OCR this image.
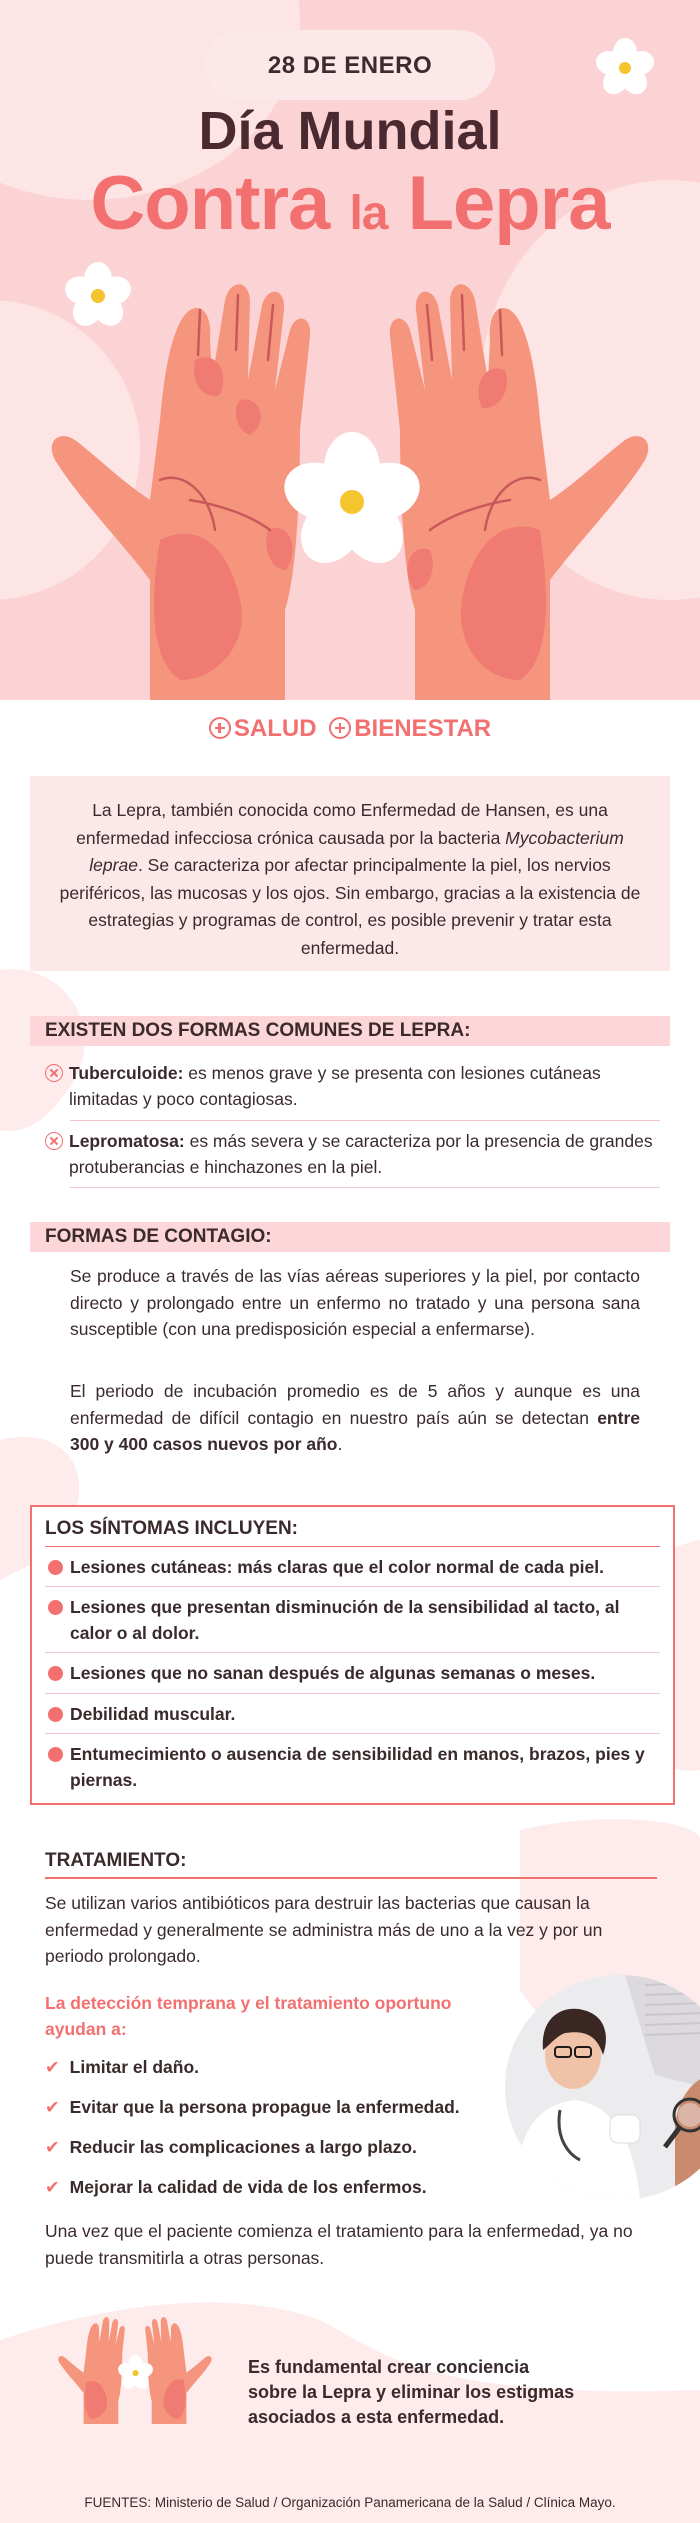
28 DE ENERO
Día Mundial
Contra la Lepra
SALUD BIENESTAR

La Lepra, también conocida como Enfermedad de Hansen, es una enfermedad infecciosa crónica causada por la bacteria Mycobacterium leprae. Se caracteriza por afectar principalmente la piel, los nervios periféricos, las mucosas y los ojos. Sin embargo, gracias a la existencia de estrategias y programas de control, es posible prevenir y tratar esta enfermedad.

EXISTEN DOS FORMAS COMUNES DE LEPRA:
Tuberculoide: es menos grave y se presenta con lesiones cutáneas limitadas y poco contagiosas.
Lepromatosa: es más severa y se caracteriza por la presencia de grandes protuberancias e hinchazones en la piel.
FORMAS DE CONTAGIO:

Se produce a través de las vías aéreas superiores y la piel, por contacto directo y prolongado entre un enfermo no tratado y una persona sana susceptible (con una predisposición especial a enfermarse).

El periodo de incubación promedio es de 5 años y aunque es una enfermedad de difícil contagio en nuestro país aún se detectan entre 300 y 400 casos nuevos por año.

LOS SÍNTOMAS INCLUYEN:
Lesiones cutáneas: más claras que el color normal de cada piel.
Lesiones que presentan disminución de la sensibilidad al tacto, al calor o al dolor.
Lesiones que no sanan después de algunas semanas o meses.
Debilidad muscular.
Entumecimiento o ausencia de sensibilidad en manos, brazos, pies y piernas.
TRATAMIENTO:

Se utilizan varios antibióticos para destruir las bacterias que causan la enfermedad y generalmente se administra más de uno a la vez y por un periodo prolongado.

La detección temprana y el tratamiento oportuno ayudan a:
✔ Limitar el daño.
✔ Evitar que la persona propague la enfermedad.
✔ Reducir las complicaciones a largo plazo.
✔ Mejorar la calidad de vida de los enfermos.

Una vez que el paciente comienza el tratamiento para la enfermedad, ya no puede transmitirla a otras personas.

Es fundamental crear conciencia sobre la Lepra y eliminar los estigmas asociados a esta enfermedad.
FUENTES: Ministerio de Salud / Organización Panamericana de la Salud / Clínica Mayo.
